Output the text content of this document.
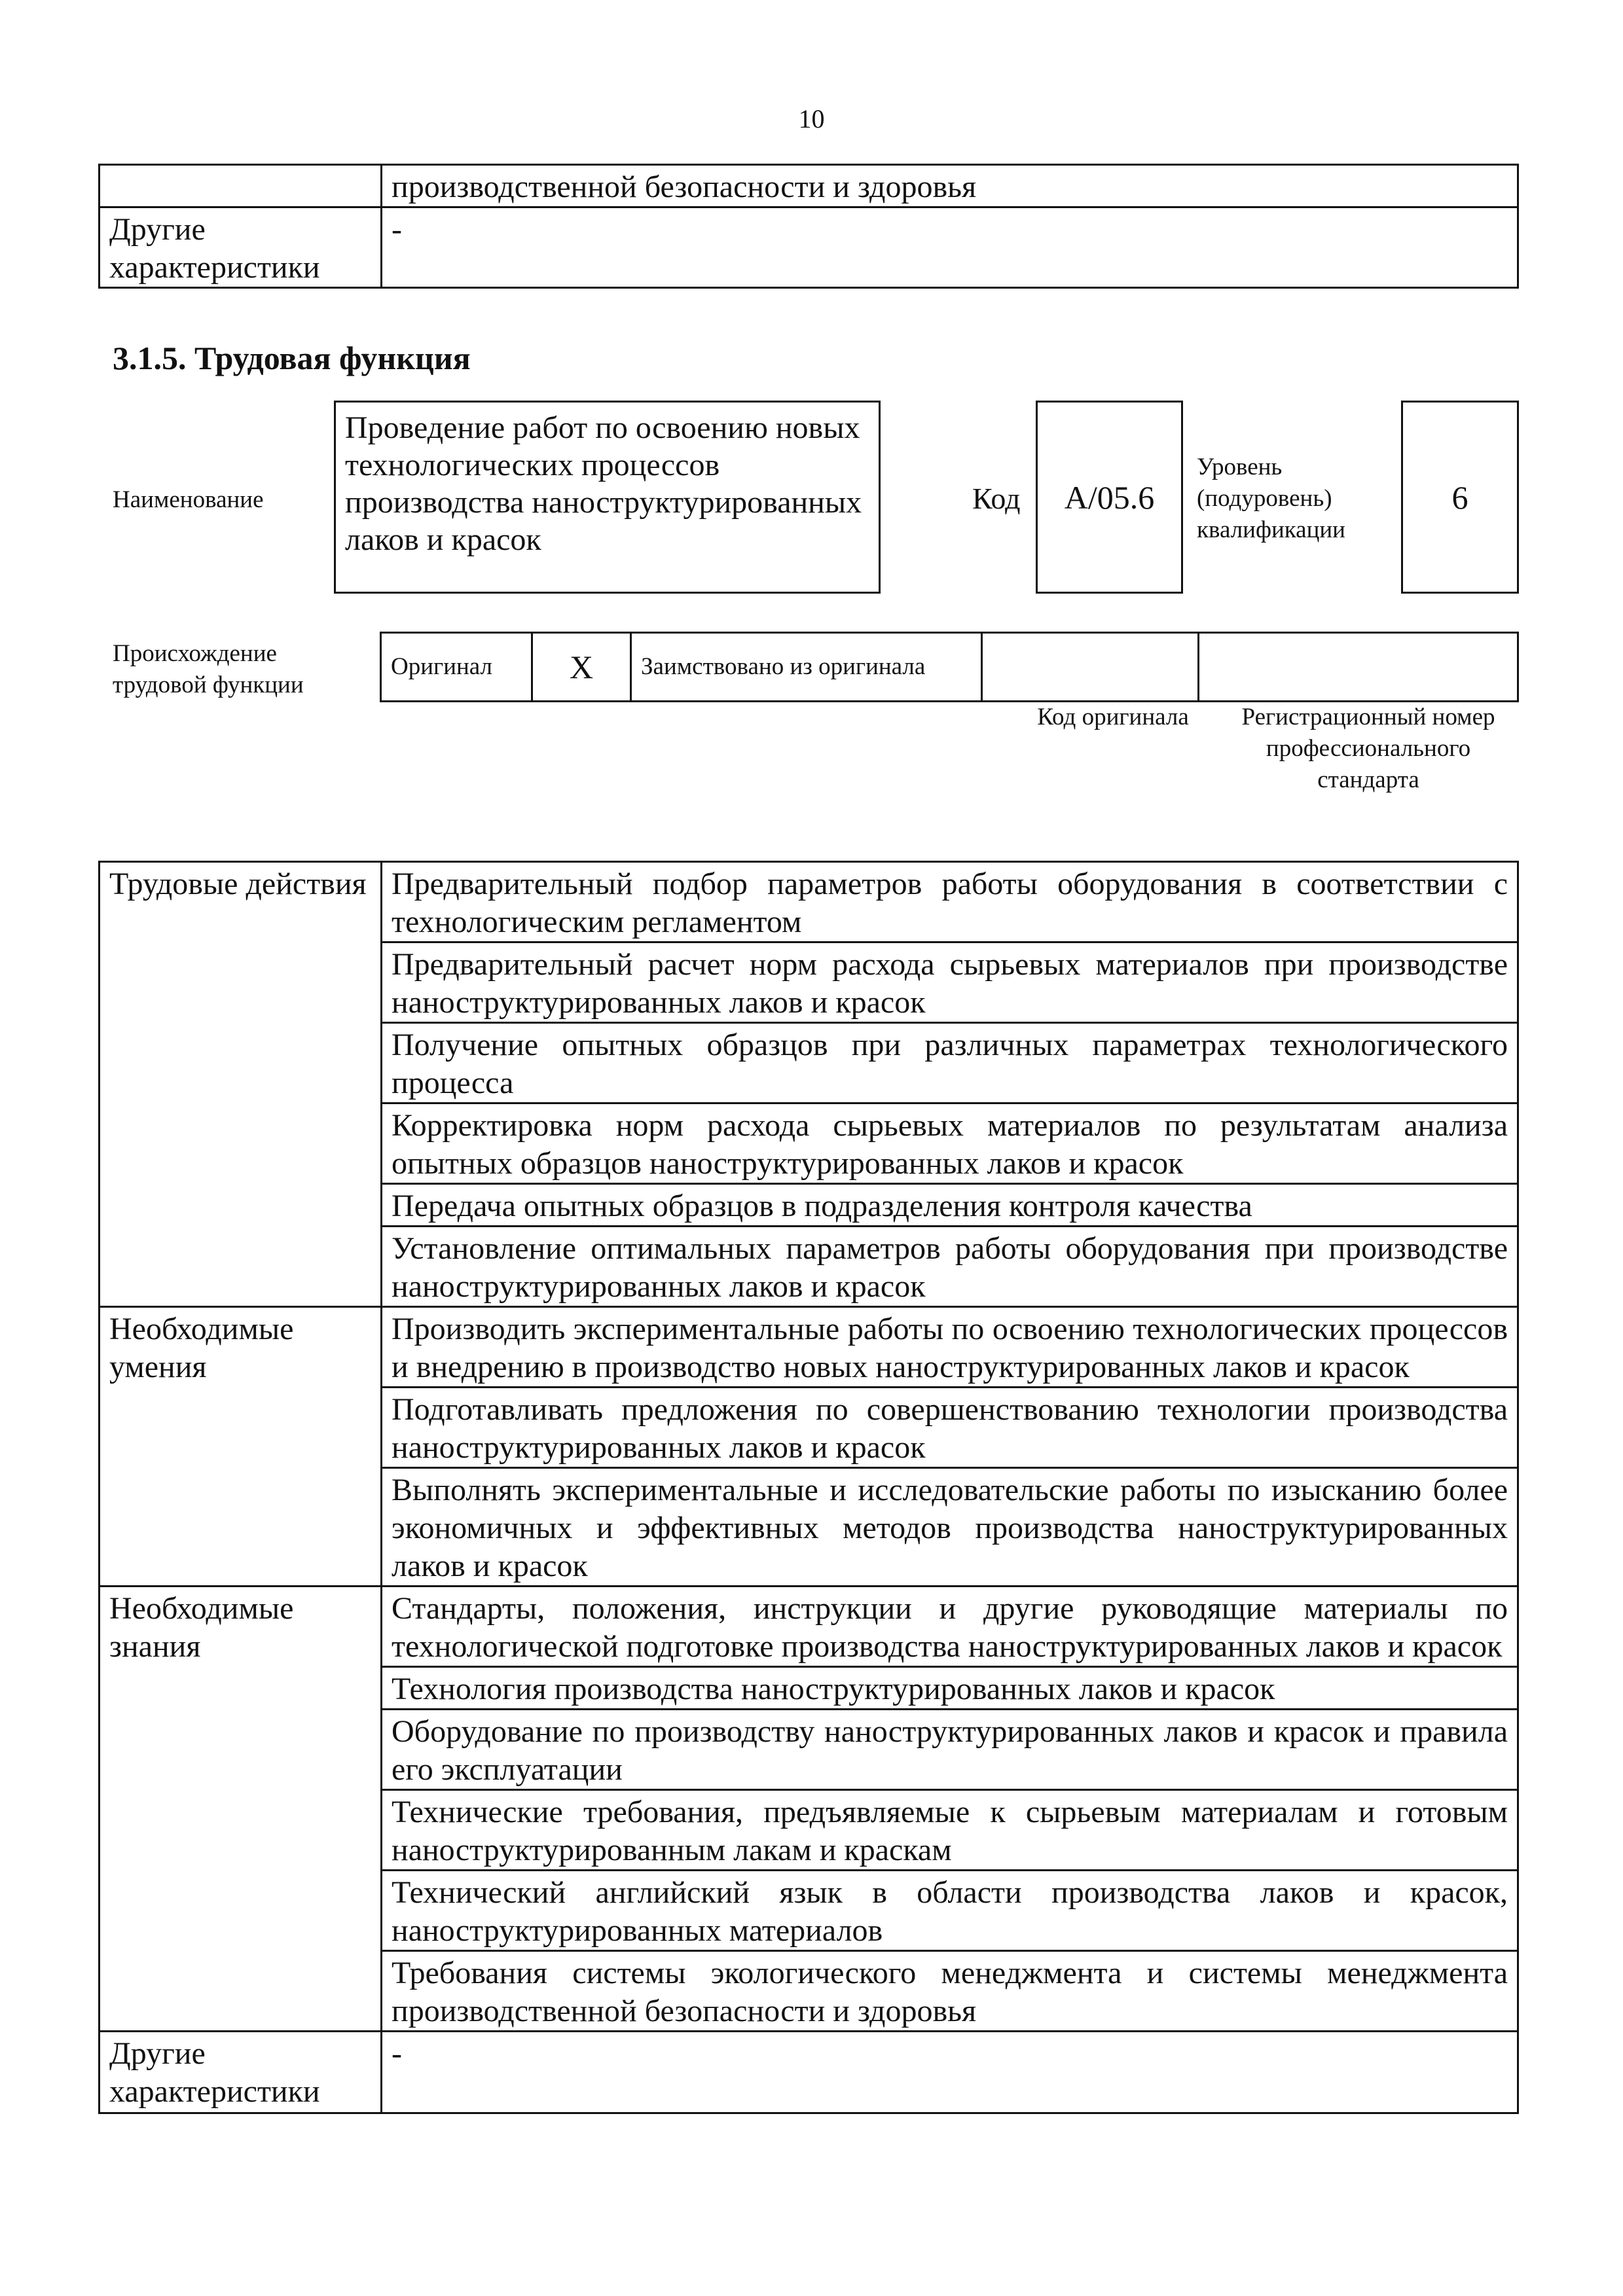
10
	производственной безопасности и здоровья
Другие характеристики	-
3.1.5. Трудовая функция
Наименование
Проведение работ по освоению новых технологических процессов производства наноструктурированных лаков и красок
Код	A/05.6
Уровень (подуровень) квалификации
6
Происхождение трудовой функции
Оригинал	X	Заимствовано из оригинала		
Код оригинала	Регистрационный номер профессионального стандарта
Трудовые действия	Предварительный подбор параметров работы оборудования в соответствии с технологическим регламентом
	Предварительный расчет норм расхода сырьевых материалов при производстве наноструктурированных лаков и красок
	Получение опытных образцов при различных параметрах технологического процесса
	Корректировка норм расхода сырьевых материалов по результатам анализа опытных образцов наноструктурированных лаков и красок
	Передача опытных образцов в подразделения контроля качества
	Установление оптимальных параметров работы оборудования при производстве наноструктурированных лаков и красок
Необходимые умения	Производить экспериментальные работы по освоению технологических процессов и внедрению в производство новых наноструктурированных лаков и красок
	Подготавливать предложения по совершенствованию технологии производства наноструктурированных лаков и красок
	Выполнять экспериментальные и исследовательские работы по изысканию более экономичных и эффективных методов производства наноструктурированных лаков и красок
Необходимые знания	Стандарты, положения, инструкции и другие руководящие материалы по технологической подготовке производства наноструктурированных лаков и красок
	Технология производства наноструктурированных лаков и красок
	Оборудование по производству наноструктурированных лаков и красок и правила его эксплуатации
	Технические требования, предъявляемые к сырьевым материалам и готовым наноструктурированным лакам и краскам
	Технический английский язык в области производства лаков и красок, наноструктурированных материалов
	Требования системы экологического менеджмента и системы менеджмента производственной безопасности и здоровья
Другие характеристики	-
